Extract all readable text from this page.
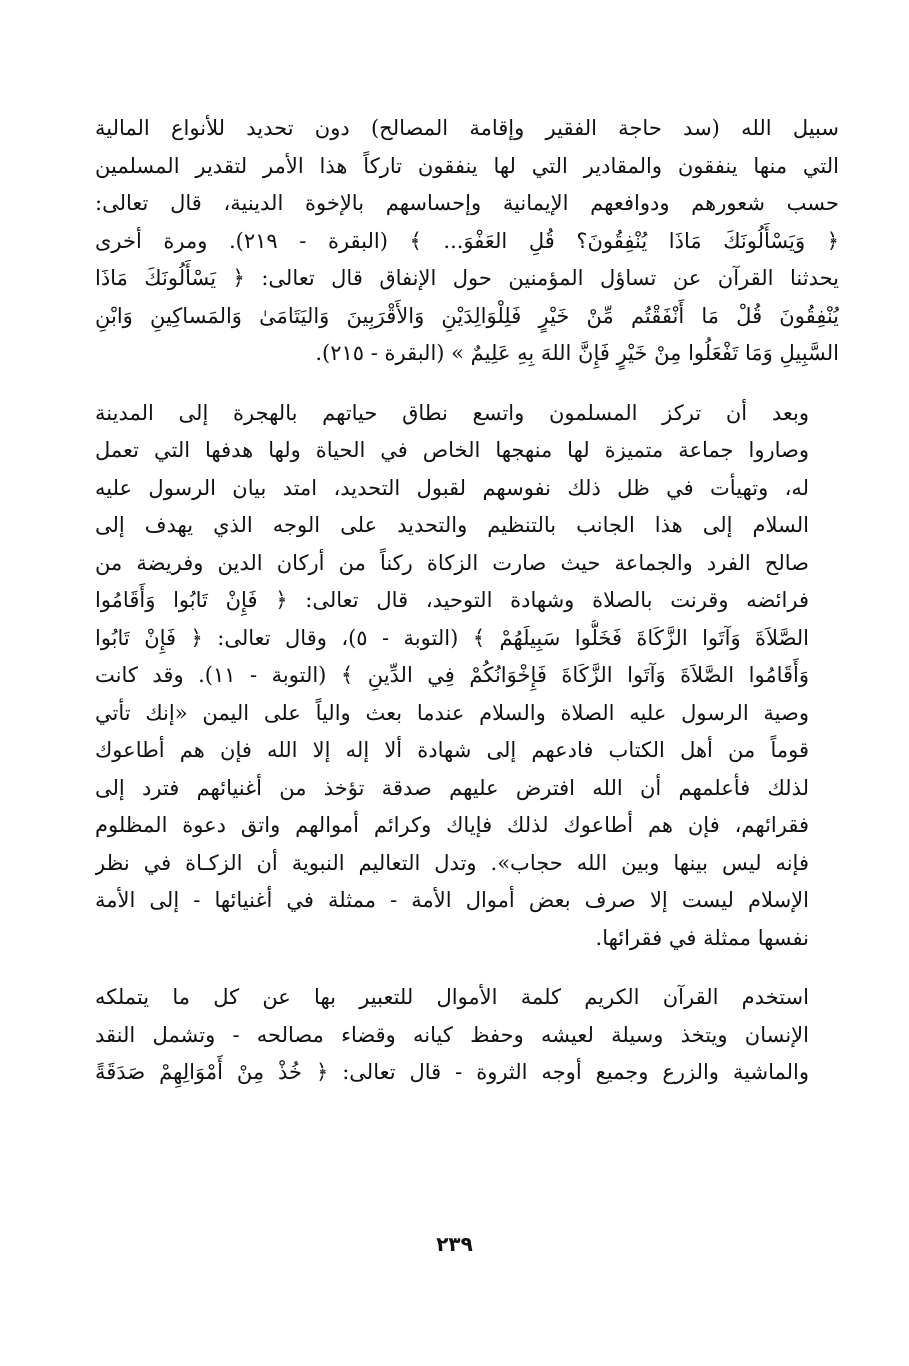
سبيل الله (سد حاجة الفقير وإقامة المصالح) دون تحديد للأنواع المالية
التي منها ينفقون والمقادير التي لها ينفقون تاركاً هذا الأمر لتقدير المسلمين
حسب شعورهم ودوافعهم الإيمانية وإحساسهم بالإخوة الدينية، قال تعالى:
﴿ وَيَسْأَلُونَكَ مَاذَا يُنْفِقُونَ؟ قُلِ العَفْوَ... ﴾ (البقرة - ٢١٩). ومرة أخرى
يحدثنا القرآن عن تساؤل المؤمنين حول الإنفاق قال تعالى: ﴿ يَسْأَلُونَكَ مَاذَا
يُنْفِقُونَ قُلْ مَا أَنْفَقْتُم مِّنْ خَيْرٍ فَلِلْوَالِدَيْنِ وَالأَقْرَبِينَ وَاليَتَامَىٰ وَالمَساكِينِ وَابْنِ
السَّبِيلِ وَمَا تَفْعَلُوا مِنْ خَيْرٍ فَإِنَّ اللهَ بِهِ عَلِيمٌ » (البقرة - ٢١٥).

وبعد أن تركز المسلمون واتسع نطاق حياتهم بالهجرة إلى المدينة
وصاروا جماعة متميزة لها منهجها الخاص في الحياة ولها هدفها التي تعمل
له، وتهيأت في ظل ذلك نفوسهم لقبول التحديد، امتد بيان الرسول عليه
السلام إلى هذا الجانب بالتنظيم والتحديد على الوجه الذي يهدف إلى
صالح الفرد والجماعة حيث صارت الزكاة ركناً من أركان الدين وفريضة من
فرائضه وقرنت بالصلاة وشهادة التوحيد، قال تعالى: ﴿ فَإِنْ تَابُوا وَأَقَامُوا
الصَّلاَةَ وَآتَوا الزَّكَاةَ فَخَلُّوا سَبِيلَهُمْ ﴾ (التوبة - ٥)، وقال تعالى: ﴿ فَإِنْ تَابُوا
وَأَقَامُوا الصَّلاَةَ وَآتَوا الزَّكَاةَ فَإِخْوَانُكُمْ فِي الدِّينِ ﴾ (التوبة - ١١). وقد كانت
وصية الرسول عليه الصلاة والسلام عندما بعث والياً على اليمن «إنك تأتي
قوماً من أهل الكتاب فادعهم إلى شهادة ألا إله إلا الله فإن هم أطاعوك
لذلك فأعلمهم أن الله افترض عليهم صدقة تؤخذ من أغنيائهم فترد إلى
فقرائهم، فإن هم أطاعوك لذلك فإياك وكرائم أموالهم واتق دعوة المظلوم
فإنه ليس بينها وبين الله حجاب». وتدل التعاليم النبوية أن الزكـاة في نظر
الإسلام ليست إلا صرف بعض أموال الأمة - ممثلة في أغنيائها - إلى الأمة
نفسها ممثلة في فقرائها.

استخدم القرآن الكريم كلمة الأموال للتعبير بها عن كل ما يتملكه
الإنسان ويتخذ وسيلة لعيشه وحفظ كيانه وقضاء مصالحه - وتشمل النقد
والماشية والزرع وجميع أوجه الثروة - قال تعالى: ﴿ خُذْ مِنْ أَمْوَالِهِمْ صَدَقَةً

٢٣٩
